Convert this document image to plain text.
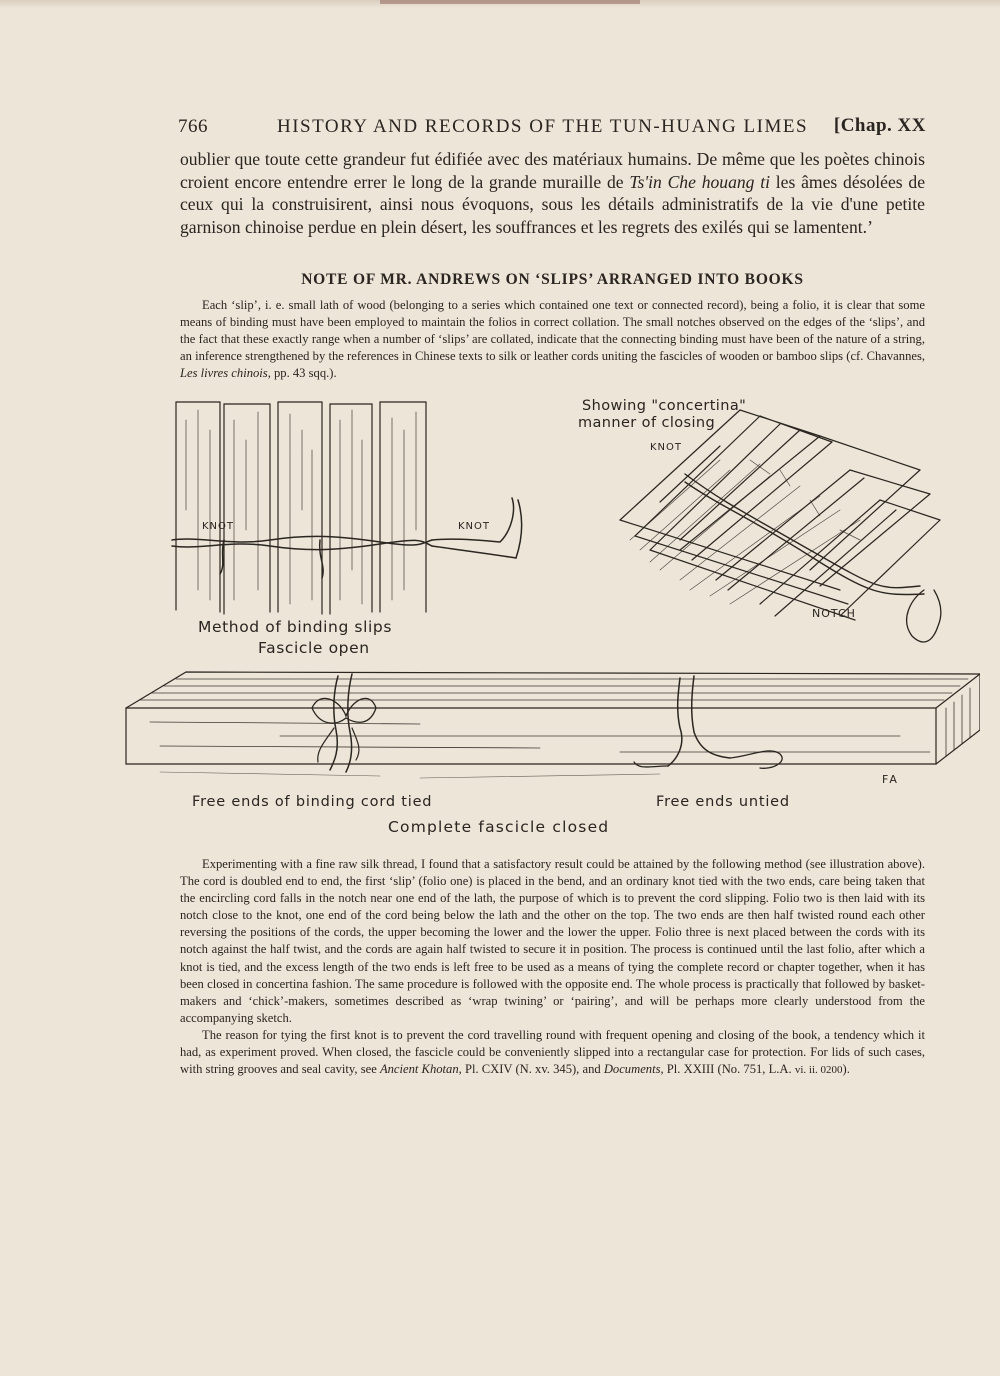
766	HISTORY AND RECORDS OF THE TUN-HUANG LIMES [Chap. XX

oublier que toute cette grandeur fut édifiée avec des matériaux humains. De même que les poètes chinois croient encore entendre errer le long de la grande muraille de Ts'in Che houang ti les âmes désolées de ceux qui la construisirent, ainsi nous évoquons, sous les détails administratifs de la vie d'une petite garnison chinoise perdue en plein désert, les souffrances et les regrets des exilés qui se lamentent.’

NOTE OF MR. ANDREWS ON ‘SLIPS’ ARRANGED INTO BOOKS

Each ‘slip’, i. e. small lath of wood (belonging to a series which contained one text or connected record), being a folio, it is clear that some means of binding must have been employed to maintain the folios in correct collation. The small notches observed on the edges of the ‘slips’, and the fact that these exactly range when a number of ‘slips’ are collated, indicate that the connecting binding must have been of the nature of a string, an inference strengthened by the references in Chinese texts to silk or leather cords uniting the fascicles of wooden or bamboo slips (cf. Chavannes, Les livres chinois, pp. 43 sqq.).

Method of binding slips
Fascicle open
Showing "concertina"
manner of closing
KNOT	KNOT
KNOT
NOTCH
Free ends of binding cord tied	Free ends untied
Complete fascicle closed
FA

Experimenting with a fine raw silk thread, I found that a satisfactory result could be attained by the following method (see illustration above). The cord is doubled end to end, the first ‘slip’ (folio one) is placed in the bend, and an ordinary knot tied with the two ends, care being taken that the encircling cord falls in the notch near one end of the lath, the purpose of which is to prevent the cord slipping. Folio two is then laid with its notch close to the knot, one end of the cord being below the lath and the other on the top. The two ends are then half twisted round each other reversing the positions of the cords, the upper becoming the lower and the lower the upper. Folio three is next placed between the cords with its notch against the half twist, and the cords are again half twisted to secure it in position. The process is continued until the last folio, after which a knot is tied, and the excess length of the two ends is left free to be used as a means of tying the complete record or chapter together, when it has been closed in concertina fashion. The same procedure is followed with the opposite end. The whole process is practically that followed by basket-makers and ‘chick’-makers, sometimes described as ‘wrap twining’ or ‘pairing’, and will be perhaps more clearly understood from the accompanying sketch.

The reason for tying the first knot is to prevent the cord travelling round with frequent opening and closing of the book, a tendency which it had, as experiment proved. When closed, the fascicle could be conveniently slipped into a rectangular case for protection. For lids of such cases, with string grooves and seal cavity, see Ancient Khotan, Pl. CXIV (N. xv. 345), and Documents, Pl. XXIII (No. 751, L.A. vi. ii. 0200).
